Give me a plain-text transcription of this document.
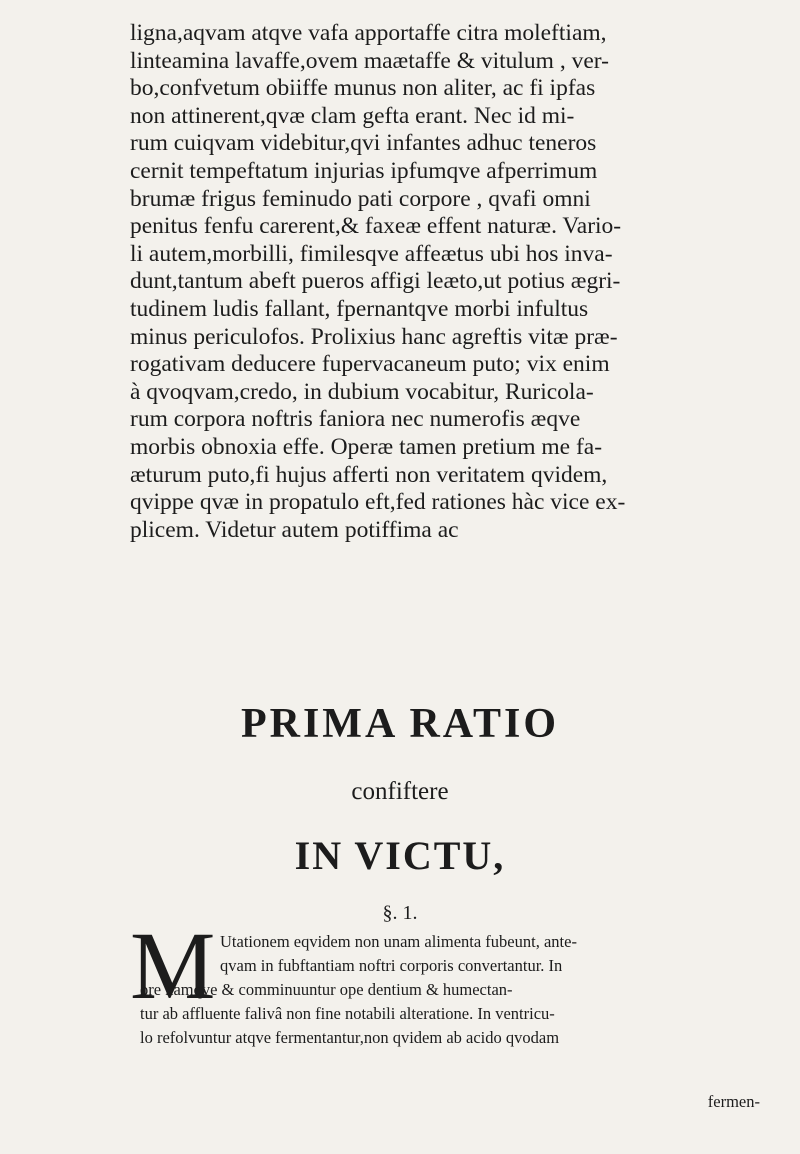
ligna,aqvam atqve vafa apportaffe citra moleftiam,
linteamina lavaffe,ovem maætaffe & vitulum , ver-
bo,confvetum obiiffe munus non aliter, ac fi ipfas
non attinerent,qvæ clam gefta erant. Nec id mi-
rum cuiqvam videbitur,qvi infantes adhuc teneros
cernit tempeftatum injurias ipfumqve afperrimum
brumæ frigus feminudo pati corpore , qvafi omni
penitus fenfu carerent,& faxeæ effent naturæ. Vario-
li autem,morbilli, fimilesqve affeætus ubi hos inva-
dunt,tantum abeft pueros affigi leæto,ut potius ægri-
tudinem ludis fallant, fpernantqve morbi infultus
minus periculofos. Prolixius hanc agreftis vitæ præ-
rogativam deducere fupervacaneum puto; vix enim
à qvoqvam,credo, in dubium vocabitur, Ruricola-
rum corpora noftris faniora nec numerofis æqve
morbis obnoxia effe. Operæ tamen pretium me fa-
æturum puto,fi hujus afferti non veritatem qvidem,
qvippe qvæ in propatulo eft,fed rationes hàc vice ex-
plicem. Videtur autem potiffima ac
PRIMA RATIO
confiftere
IN VICTU,
§. 1.
M Utationem eqvidem non unam alimenta fubeunt, ante-
qvam in fubftantiam noftri corporis convertantur. In
ore namqve & comminuuntur ope dentium & humectan-
tur ab affluente falivâ non fine notabili alteratione. In ventricu-
lo refolvuntur atqve fermentantur,non qvidem ab acido qvodam
fermen-
